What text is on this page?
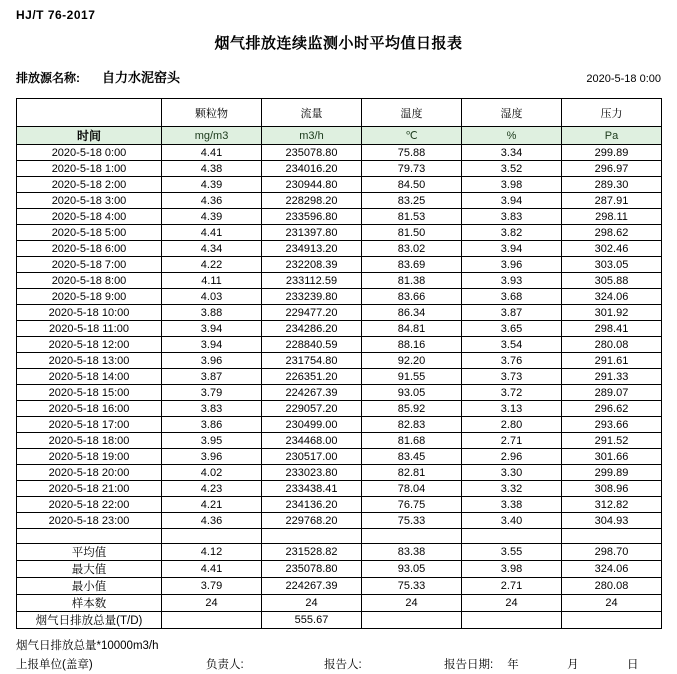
HJ/T 76-2017
烟气排放连续监测小时平均值日报表
排放源名称: 自力水泥窑头	2020-5-18 0:00
	颗粒物	流量	温度	湿度	压力
时间	mg/m3	m3/h	℃	%	Pa
2020-5-18 0:00	4.41	235078.80	75.88	3.34	299.89
2020-5-18 1:00	4.38	234016.20	79.73	3.52	296.97
2020-5-18 2:00	4.39	230944.80	84.50	3.98	289.30
2020-5-18 3:00	4.36	228298.20	83.25	3.94	287.91
2020-5-18 4:00	4.39	233596.80	81.53	3.83	298.11
2020-5-18 5:00	4.41	231397.80	81.50	3.82	298.62
2020-5-18 6:00	4.34	234913.20	83.02	3.94	302.46
2020-5-18 7:00	4.22	232208.39	83.69	3.96	303.05
2020-5-18 8:00	4.11	233112.59	81.38	3.93	305.88
2020-5-18 9:00	4.03	233239.80	83.66	3.68	324.06
2020-5-18 10:00	3.88	229477.20	86.34	3.87	301.92
2020-5-18 11:00	3.94	234286.20	84.81	3.65	298.41
2020-5-18 12:00	3.94	228840.59	88.16	3.54	280.08
2020-5-18 13:00	3.96	231754.80	92.20	3.76	291.61
2020-5-18 14:00	3.87	226351.20	91.55	3.73	291.33
2020-5-18 15:00	3.79	224267.39	93.05	3.72	289.07
2020-5-18 16:00	3.83	229057.20	85.92	3.13	296.62
2020-5-18 17:00	3.86	230499.00	82.83	2.80	293.66
2020-5-18 18:00	3.95	234468.00	81.68	2.71	291.52
2020-5-18 19:00	3.96	230517.00	83.45	2.96	301.66
2020-5-18 20:00	4.02	233023.80	82.81	3.30	299.89
2020-5-18 21:00	4.23	233438.41	78.04	3.32	308.96
2020-5-18 22:00	4.21	234136.20	76.75	3.38	312.82
2020-5-18 23:00	4.36	229768.20	75.33	3.40	304.93

平均值	4.12	231528.82	83.38	3.55	298.70
最大值	4.41	235078.80	93.05	3.98	324.06
最小值	3.79	224267.39	75.33	2.71	280.08
样本数	24	24	24	24	24
烟气日排放总量(T/D)		555.67			
烟气日排放总量*10000m3/h
上报单位(盖章)	负责人:	报告人:	报告日期: 年  月  日
